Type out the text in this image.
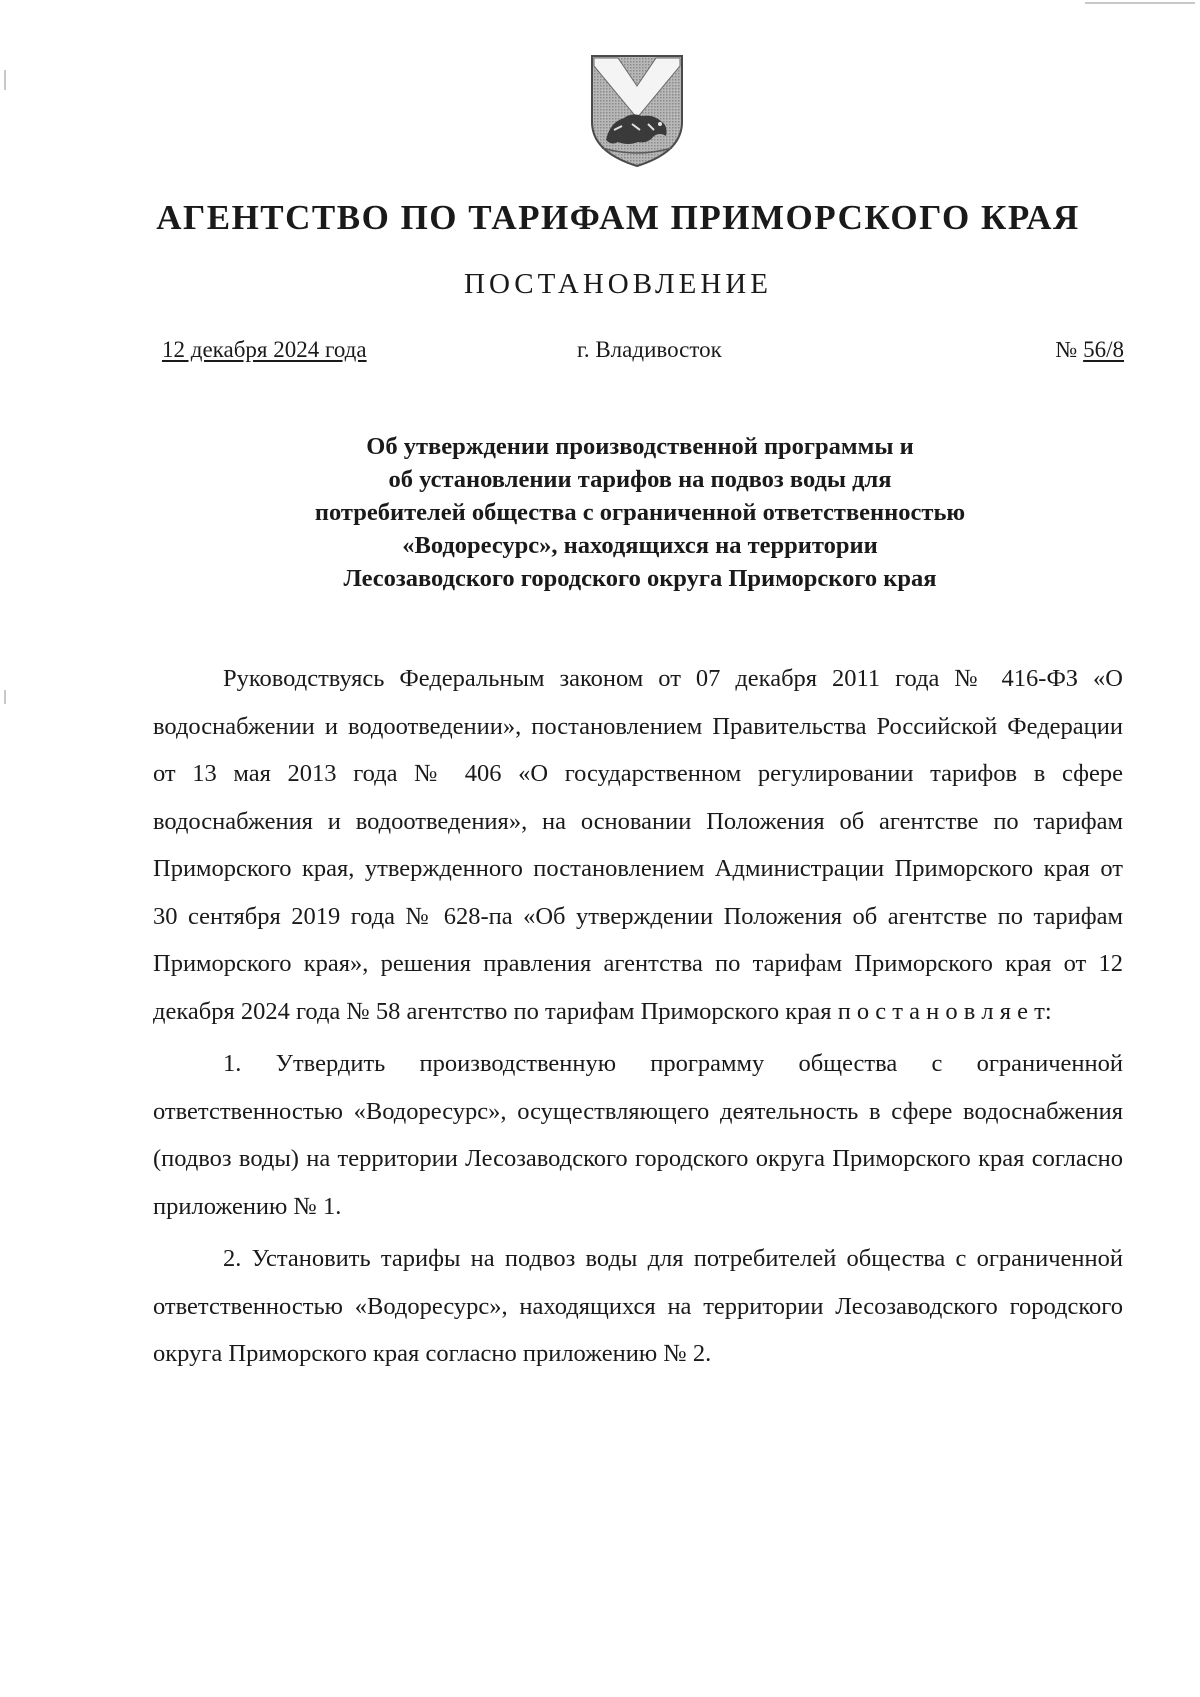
АГЕНТСТВО ПО ТАРИФАМ ПРИМОРСКОГО КРАЯ
ПОСТАНОВЛЕНИЕ
12 декабря 2024 года	г. Владивосток	№ 56/8
Об утверждении производственной программы и
об установлении тарифов на подвоз воды для
потребителей общества с ограниченной ответственностью
«Водоресурс», находящихся на территории
Лесозаводского городского округа Приморского края

Руководствуясь Федеральным законом от 07 декабря 2011 года № 416-ФЗ «О водоснабжении и водоотведении», постановлением Правительства Российской Федерации от 13 мая 2013 года № 406 «О государственном регулировании тарифов в сфере водоснабжения и водоотведения», на основании Положения об агентстве по тарифам Приморского края, утвержденного постановлением Администрации Приморского края от 30 сентября 2019 года № 628-па «Об утверждении Положения об агентстве по тарифам Приморского края», решения правления агентства по тарифам Приморского края от 12 декабря 2024 года № 58 агентство по тарифам Приморского края п о с т а н о в л я е т:

1. Утвердить производственную программу общества с ограниченной ответственностью «Водоресурс», осуществляющего деятельность в сфере водоснабжения (подвоз воды) на территории Лесозаводского городского округа Приморского края согласно приложению № 1.

2. Установить тарифы на подвоз воды для потребителей общества с ограниченной ответственностью «Водоресурс», находящихся на территории Лесозаводского городского округа Приморского края согласно приложению № 2.
